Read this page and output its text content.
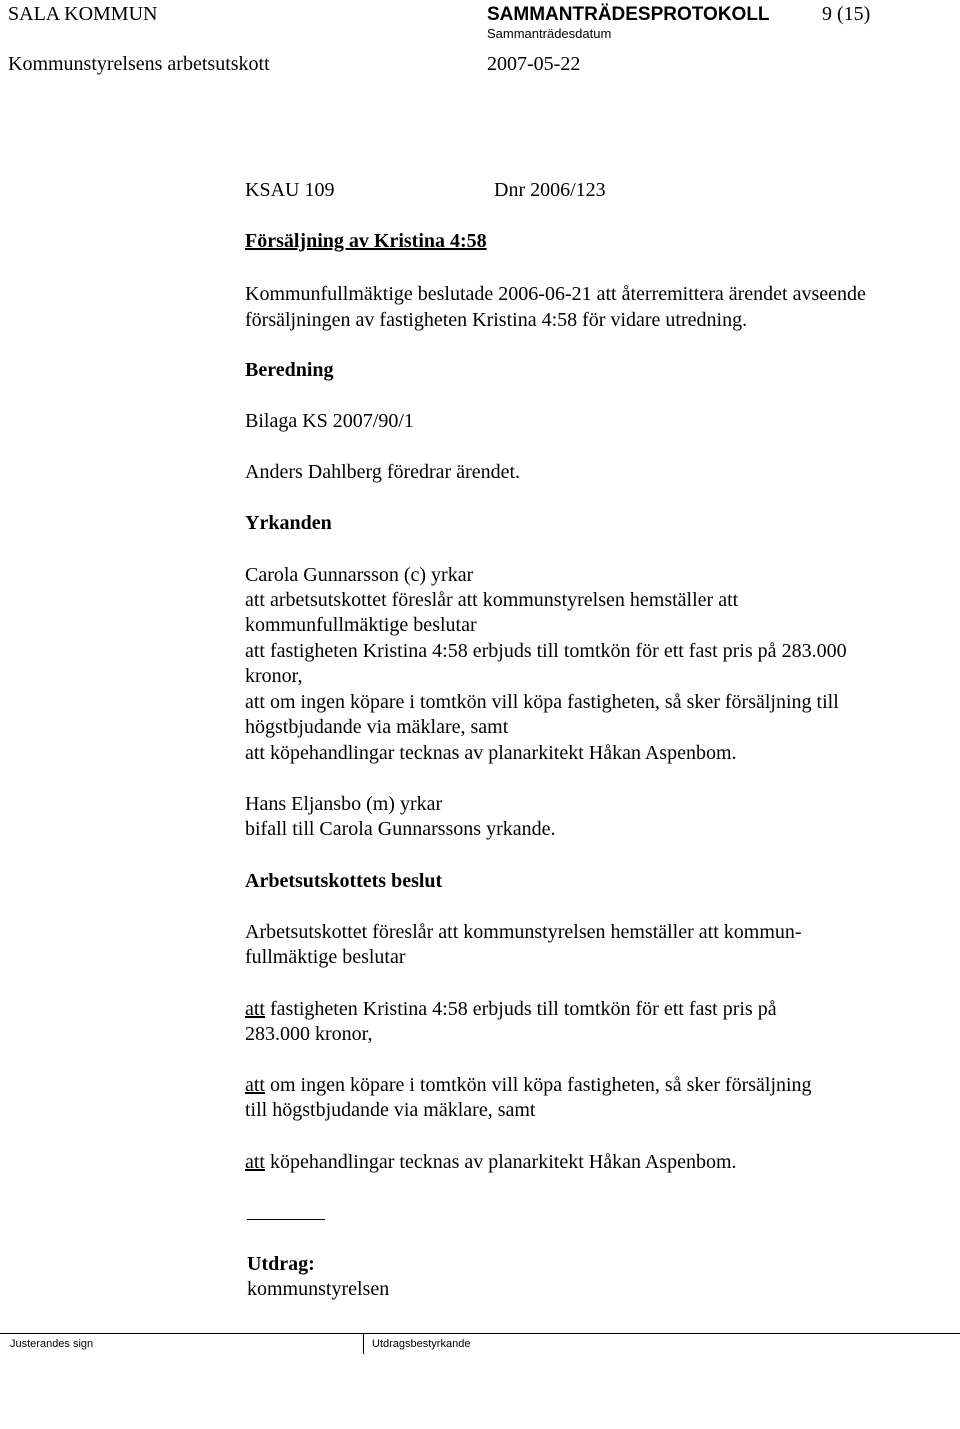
SALA KOMMUN	SAMMANTRÄDESPROTOKOLL	9 (15)
Sammanträdesdatum
Kommunstyrelsens arbetsutskott	2007-05-22
KSAU 109	Dnr 2006/123
Försäljning av Kristina 4:58
Kommunfullmäktige beslutade 2006-06-21 att återremittera ärendet avseende
försäljningen av fastigheten Kristina 4:58 för vidare utredning.
Beredning
Bilaga KS 2007/90/1
Anders Dahlberg föredrar ärendet.
Yrkanden
Carola Gunnarsson (c) yrkar
att arbetsutskottet föreslår att kommunstyrelsen hemställer att
kommunfullmäktige beslutar
att fastigheten Kristina 4:58 erbjuds till tomtkön för ett fast pris på 283.000
kronor,
att om ingen köpare i tomtkön vill köpa fastigheten, så sker försäljning till
högstbjudande via mäklare, samt
att köpehandlingar tecknas av planarkitekt Håkan Aspenbom.
Hans Eljansbo (m) yrkar
bifall till Carola Gunnarssons yrkande.
Arbetsutskottets beslut
Arbetsutskottet föreslår att kommunstyrelsen hemställer att kommun-
fullmäktige beslutar
att fastigheten Kristina 4:58 erbjuds till tomtkön för ett fast pris på
283.000 kronor,
att om ingen köpare i tomtkön vill köpa fastigheten, så sker försäljning
till högstbjudande via mäklare, samt
att köpehandlingar tecknas av planarkitekt Håkan Aspenbom.
Utdrag:
kommunstyrelsen
Justerandes sign	Utdragsbestyrkande
